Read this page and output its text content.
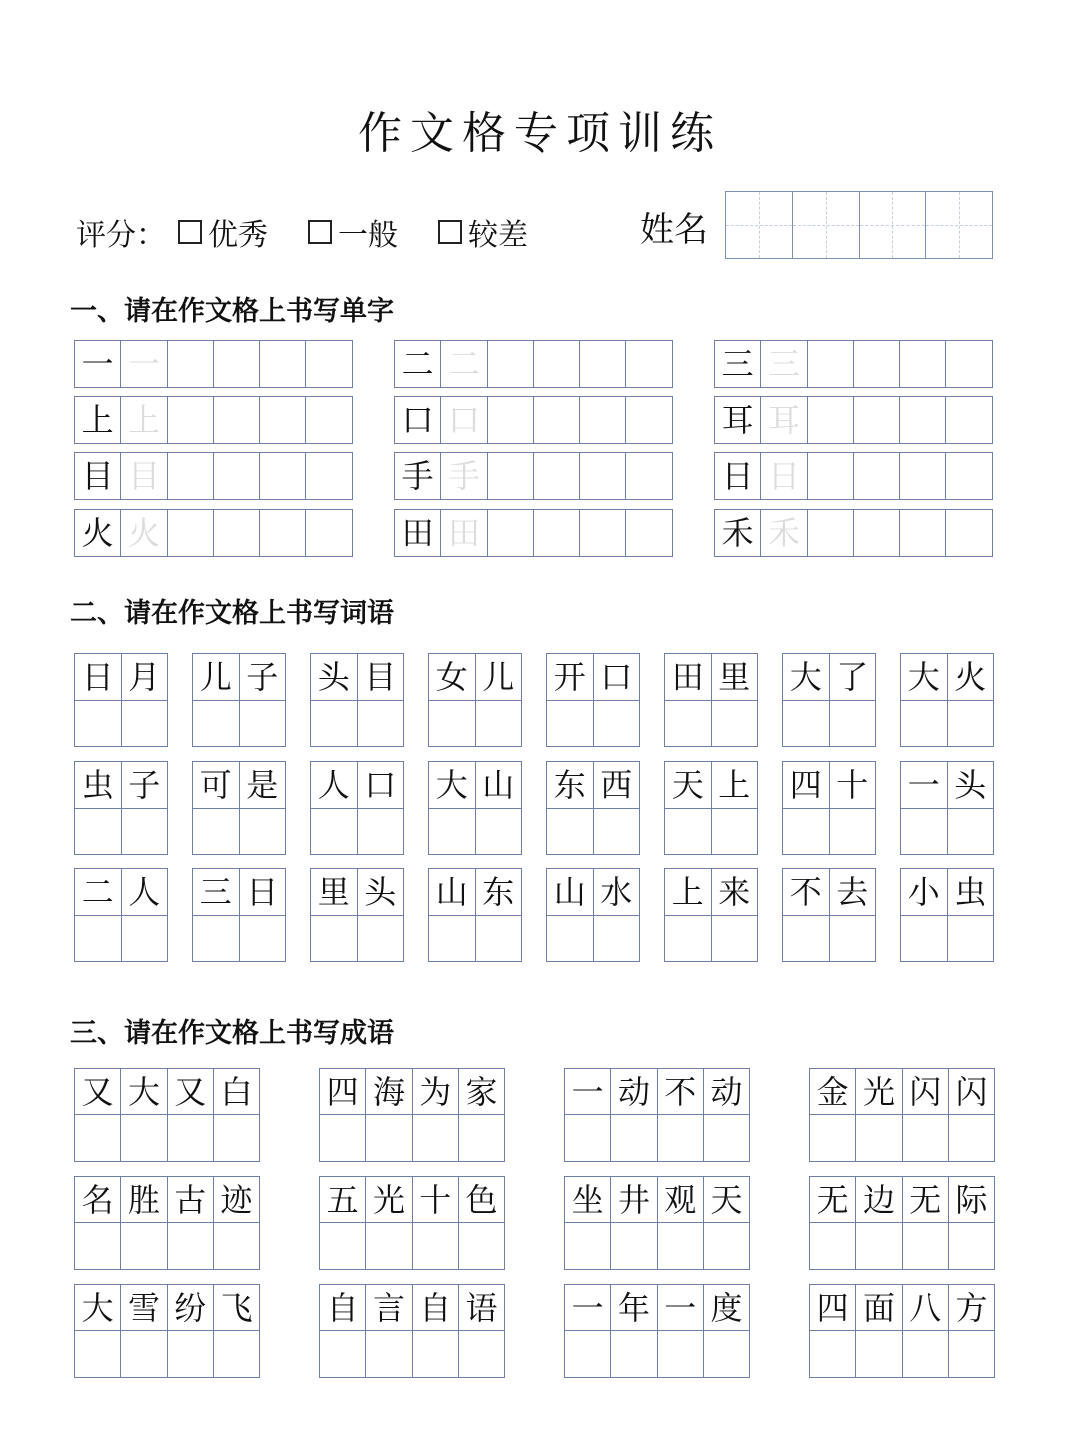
作文格专项训练
评分： 优秀 一般 较差	姓名
一、请在作文格上书写单字
一 一	二 二	三 三
上 上	口 口	耳 耳
目 目	手 手	日 日
火 火	田 田	禾 禾
二、请在作文格上书写词语
日 月 儿 子 头 目 女 儿 开 口 田 里 大 了 大 火
虫 子 可 是 人 口 大 山 东 西 天 上 四 十 一 头
二 人 三 日 里 头 山 东 山 水 上 来 不 去 小 虫
三、请在作文格上书写成语
又 大 又 白 四 海 为 家 一 动 不 动 金 光 闪 闪
名 胜 古 迹 五 光 十 色 坐 井 观 天 无 边 无 际
大 雪 纷 飞 自 言 自 语 一 年 一 度 四 面 八 方
